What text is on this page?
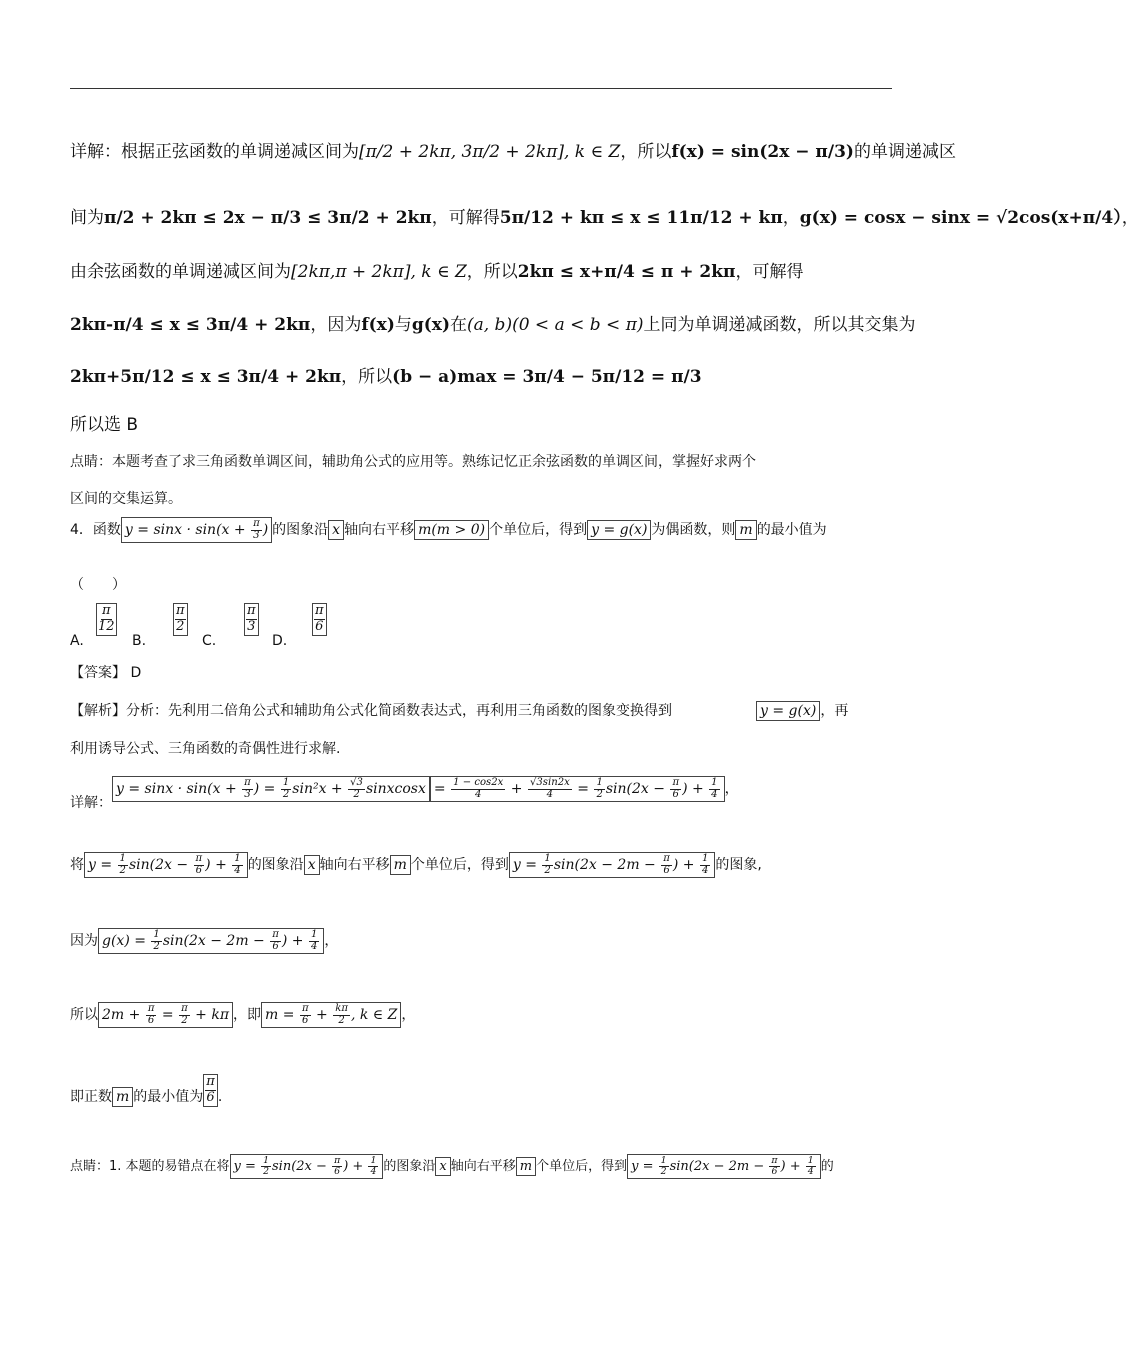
详解：根据正弦函数的单调递减区间为[π/2 + 2kπ, 3π/2 + 2kπ], k ∈ Z，所以f(x) = sin(2x − π/3)的单调递减区
间为π/2 + 2kπ ≤ 2x − π/3 ≤ 3π/2 + 2kπ，可解得5π/12 + kπ ≤ x ≤ 11π/12 + kπ，g(x) = cosx − sinx = √2cos(x+π/4），
由余弦函数的单调递减区间为[2kπ,π + 2kπ], k ∈ Z，所以2kπ ≤ x+π/4 ≤ π + 2kπ，可解得
2kπ-π/4 ≤ x ≤ 3π/4 + 2kπ，因为f(x)与g(x)在(a, b)(0 < a < b < π)上同为单调递减函数，所以其交集为
2kπ+5π/12 ≤ x ≤ 3π/4 + 2kπ，所以(b − a)max = 3π/4 − 5π/12 = π/3
所以选 B
点睛：本题考查了求三角函数单调区间，辅助角公式的应用等。熟练记忆正余弦函数的单调区间，掌握好求两个
区间的交集运算。
4．函数 $y = \sin x \cdot \sin(x + \frac{\pi}{3}$ ) 的图象沿 x 轴向右平移 m(m > 0) 个单位后，得到 y = g(x) 为偶函数，则 m 的最小值为
（　　）
A.
π
12
B.
π
2
C.
π
3
D.
π
6
【答案】 D
【解析】分析：先利用二倍角公式和辅助角公式化简函数表达式，再利用三角函数的图象变换得到	y = g(x) ，再
利用诱导公式、三角函数的奇偶性进行求解.
详解：$y = \sin x \cdot \sin(x + \frac{\pi}{3}$ ) = $\frac{1}{2} \sin^2x + \frac{√3}{2}$ sinxcosx = $\frac{1 - \cos 2x}{4} + \frac{√3\sin 2x}{4} = \frac{1}{2} \sin(2x - \frac{\pi}{6}$ ) + $\frac{1}{4}$ ，
将 $y = \frac{1}{2} \sin(2x - \frac{\pi}{6}$ ) + $\frac{1}{4}$ 的图象沿 x 轴向右平移 m 个单位后，得到 $y = \frac{1}{2} \sin(2x - 2m - \frac{\pi}{6}$ ) + $\frac{1}{4}$ 的图象,
因为 $g(x) = \frac{1}{2} \sin(2x - 2m - \frac{\pi}{6}$ ) + $\frac{1}{4}$ ，
所以 $2m + \frac{\pi}{6} = \frac{\pi}{2} + k\pi$ ，即 $m = \frac{\pi}{6} + \frac{k\pi}{2}$ , k ∈ Z ，
即正数 m 的最小值为 $\frac{\pi}{6}$ .
点睛：1. 本题的易错点在将 $y = \frac{1}{2} \sin(2x - \frac{\pi}{6}$ ) + $\frac{1}{4}$ 的图象沿 x 轴向右平移 m 个单位后，得到 $y = \frac{1}{2} \sin(2x - 2m - \frac{\pi}{6}$ ) + $\frac{1}{4}$ 的
